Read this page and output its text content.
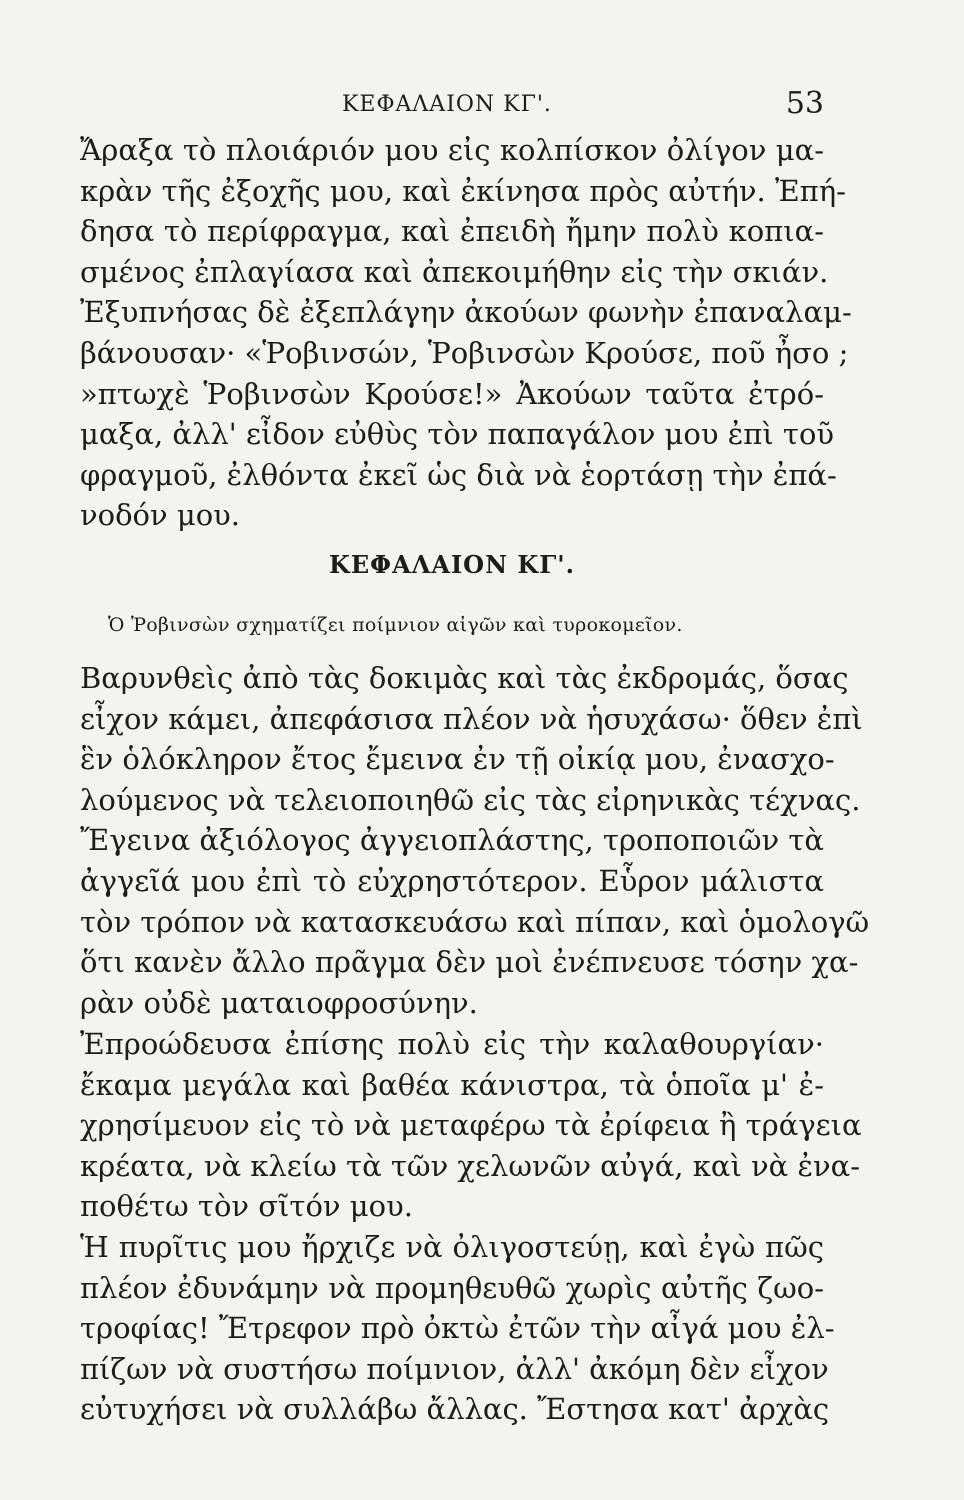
ΚΕΦΑΛΑΙΟΝ ΚΓ'.	53
Ἄραξα τὸ πλοιάριόν μου εἰς κολπίσκον ὀλίγον μα-
κρὰν τῆς ἐξοχῆς μου, καὶ ἐκίνησα πρὸς αὐτήν. Ἐπή-
δησα τὸ περίφραγμα, καὶ ἐπειδὴ ἤμην πολὺ κοπια-
σμένος ἐπλαγίασα καὶ ἀπεκοιμήθην εἰς τὴν σκιάν.
Ἐξυπνήσας δὲ ἐξεπλάγην ἀκούων φωνὴν ἐπαναλαμ-
βάνουσαν· «Ῥοβινσών, Ῥοβινσὼν Κρούσε, ποῦ ἦσο ;
»πτωχὲ Ῥοβινσὼν Κρούσε!» Ἀκούων ταῦτα ἐτρό-
μαξα, ἀλλ' εἶδον εὐθὺς τὸν παπαγάλον μου ἐπὶ τοῦ
φραγμοῦ, ἐλθόντα ἐκεῖ ὡς διὰ νὰ ἑορτάσῃ τὴν ἐπά-
νοδόν μου.
ΚΕΦΑΛΑΙΟΝ ΚΓ'.
Ὁ Ῥοβινσὼν σχηματίζει ποίμνιον αἰγῶν καὶ τυροκομεῖον.
Βαρυνθεὶς ἀπὸ τὰς δοκιμὰς καὶ τὰς ἐκδρομάς, ὅσας
εἶχον κάμει, ἀπεφάσισα πλέον νὰ ἡσυχάσω· ὅθεν ἐπὶ
ἓν ὁλόκληρον ἔτος ἔμεινα ἐν τῇ οἰκίᾳ μου, ἐνασχο-
λούμενος νὰ τελειοποιηθῶ εἰς τὰς εἰρηνικὰς τέχνας.
Ἔγεινα ἀξιόλογος ἀγγειοπλάστης, τροποποιῶν τὰ
ἀγγεῖά μου ἐπὶ τὸ εὐχρηστότερον. Εὗρον μάλιστα
τὸν τρόπον νὰ κατασκευάσω καὶ πίπαν, καὶ ὁμολογῶ
ὅτι κανὲν ἄλλο πρᾶγμα δὲν μοὶ ἐνέπνευσε τόσην χα-
ρὰν οὐδὲ ματαιοφροσύνην.
Ἐπροώδευσα ἐπίσης πολὺ εἰς τὴν καλαθουργίαν·
ἔκαμα μεγάλα καὶ βαθέα κάνιστρα, τὰ ὁποῖα μ' ἐ-
χρησίμευον εἰς τὸ νὰ μεταφέρω τὰ ἐρίφεια ἢ τράγεια
κρέατα, νὰ κλείω τὰ τῶν χελωνῶν αὐγά, καὶ νὰ ἐνα-
ποθέτω τὸν σῖτόν μου.
Ἡ πυρῖτις μου ἤρχιζε νὰ ὀλιγοστεύῃ, καὶ ἐγὼ πῶς
πλέον ἐδυνάμην νὰ προμηθευθῶ χωρὶς αὐτῆς ζωο-
τροφίας! Ἔτρεφον πρὸ ὀκτὼ ἐτῶν τὴν αἶγά μου ἐλ-
πίζων νὰ συστήσω ποίμνιον, ἀλλ' ἀκόμη δὲν εἶχον
εὐτυχήσει νὰ συλλάβω ἄλλας. Ἔστησα κατ' ἀρχὰς
